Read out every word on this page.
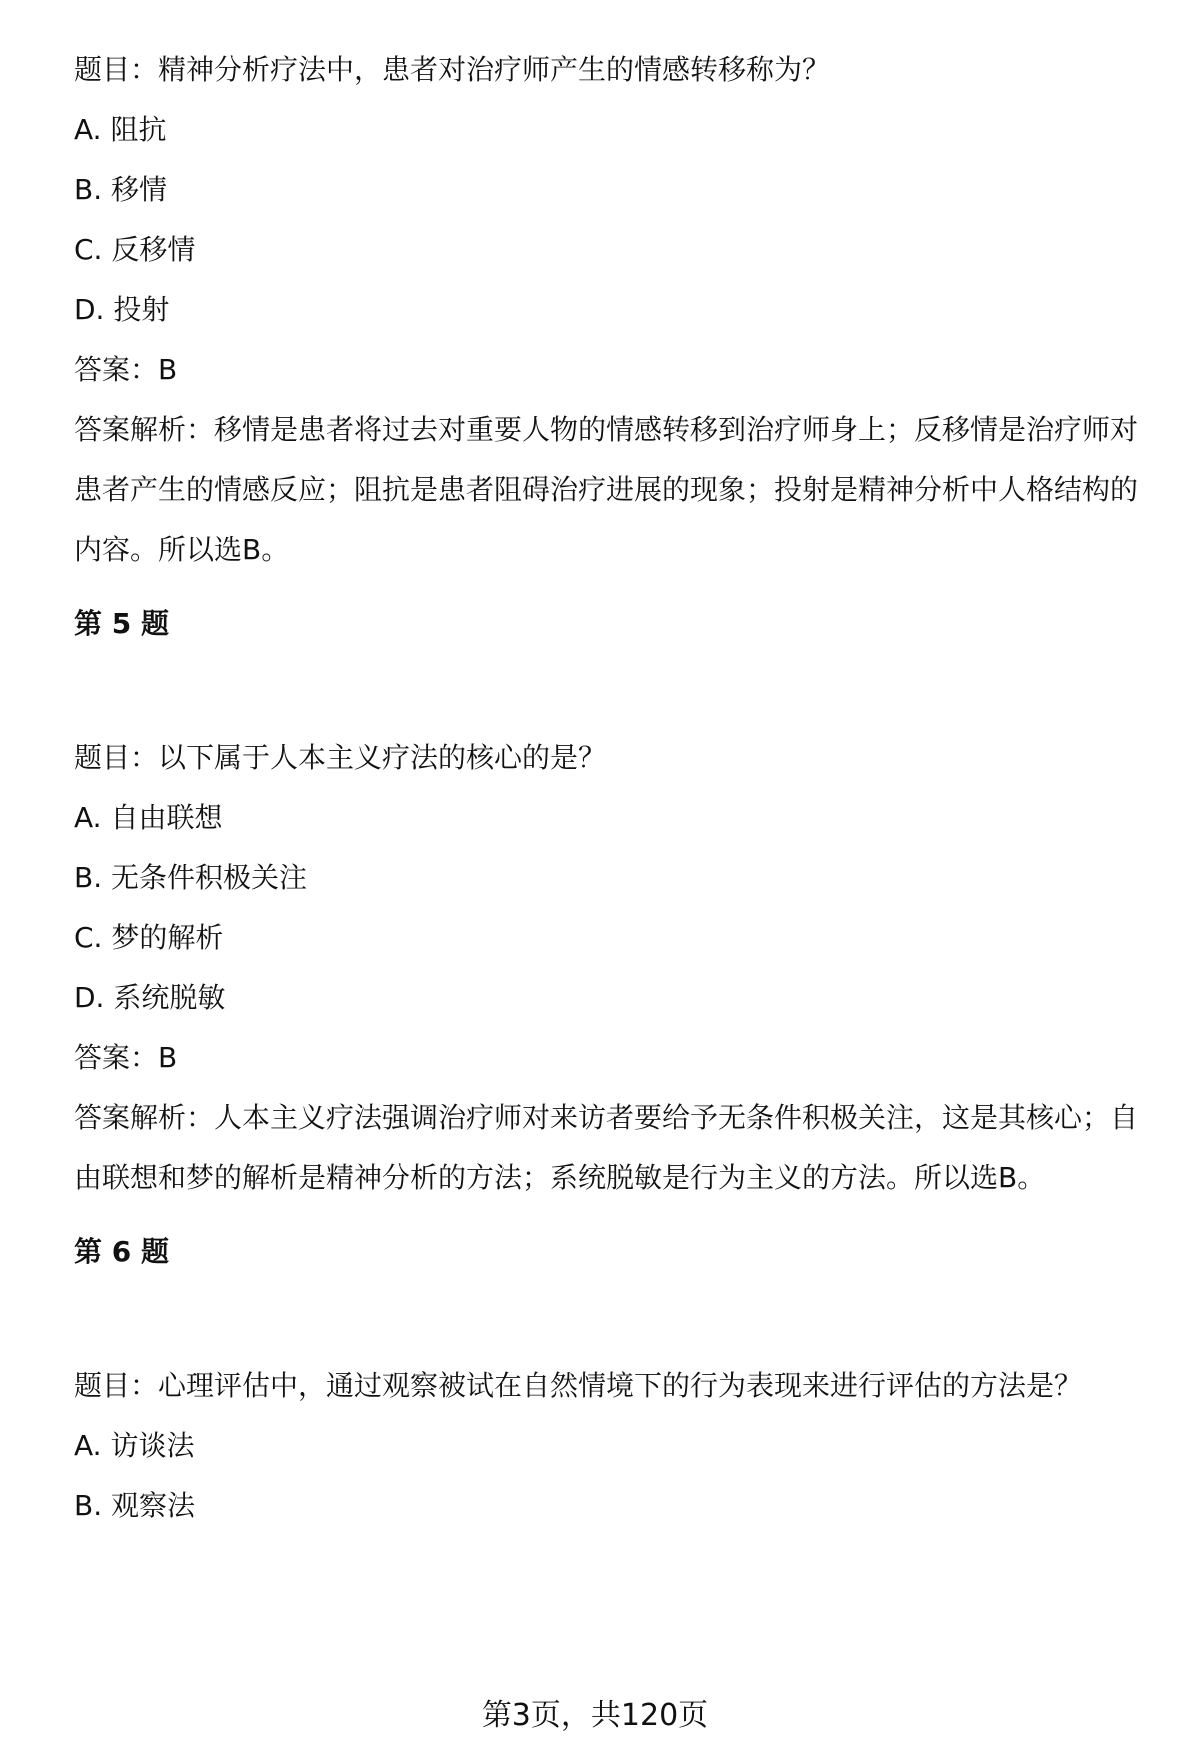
题目：精神分析疗法中，患者对治疗师产生的情感转移称为？
A. 阻抗
B. 移情
C. 反移情
D. 投射
答案：B
答案解析：移情是患者将过去对重要人物的情感转移到治疗师身上；反移情是治疗师对患者产生的情感反应；阻抗是患者阻碍治疗进展的现象；投射是精神分析中人格结构的内容。所以选B。
第 5 题
题目：以下属于人本主义疗法的核心的是？
A. 自由联想
B. 无条件积极关注
C. 梦的解析
D. 系统脱敏
答案：B
答案解析：人本主义疗法强调治疗师对来访者要给予无条件积极关注，这是其核心；自由联想和梦的解析是精神分析的方法；系统脱敏是行为主义的方法。所以选B。
第 6 题
题目：心理评估中，通过观察被试在自然情境下的行为表现来进行评估的方法是？
A. 访谈法
B. 观察法
第3页，共120页
